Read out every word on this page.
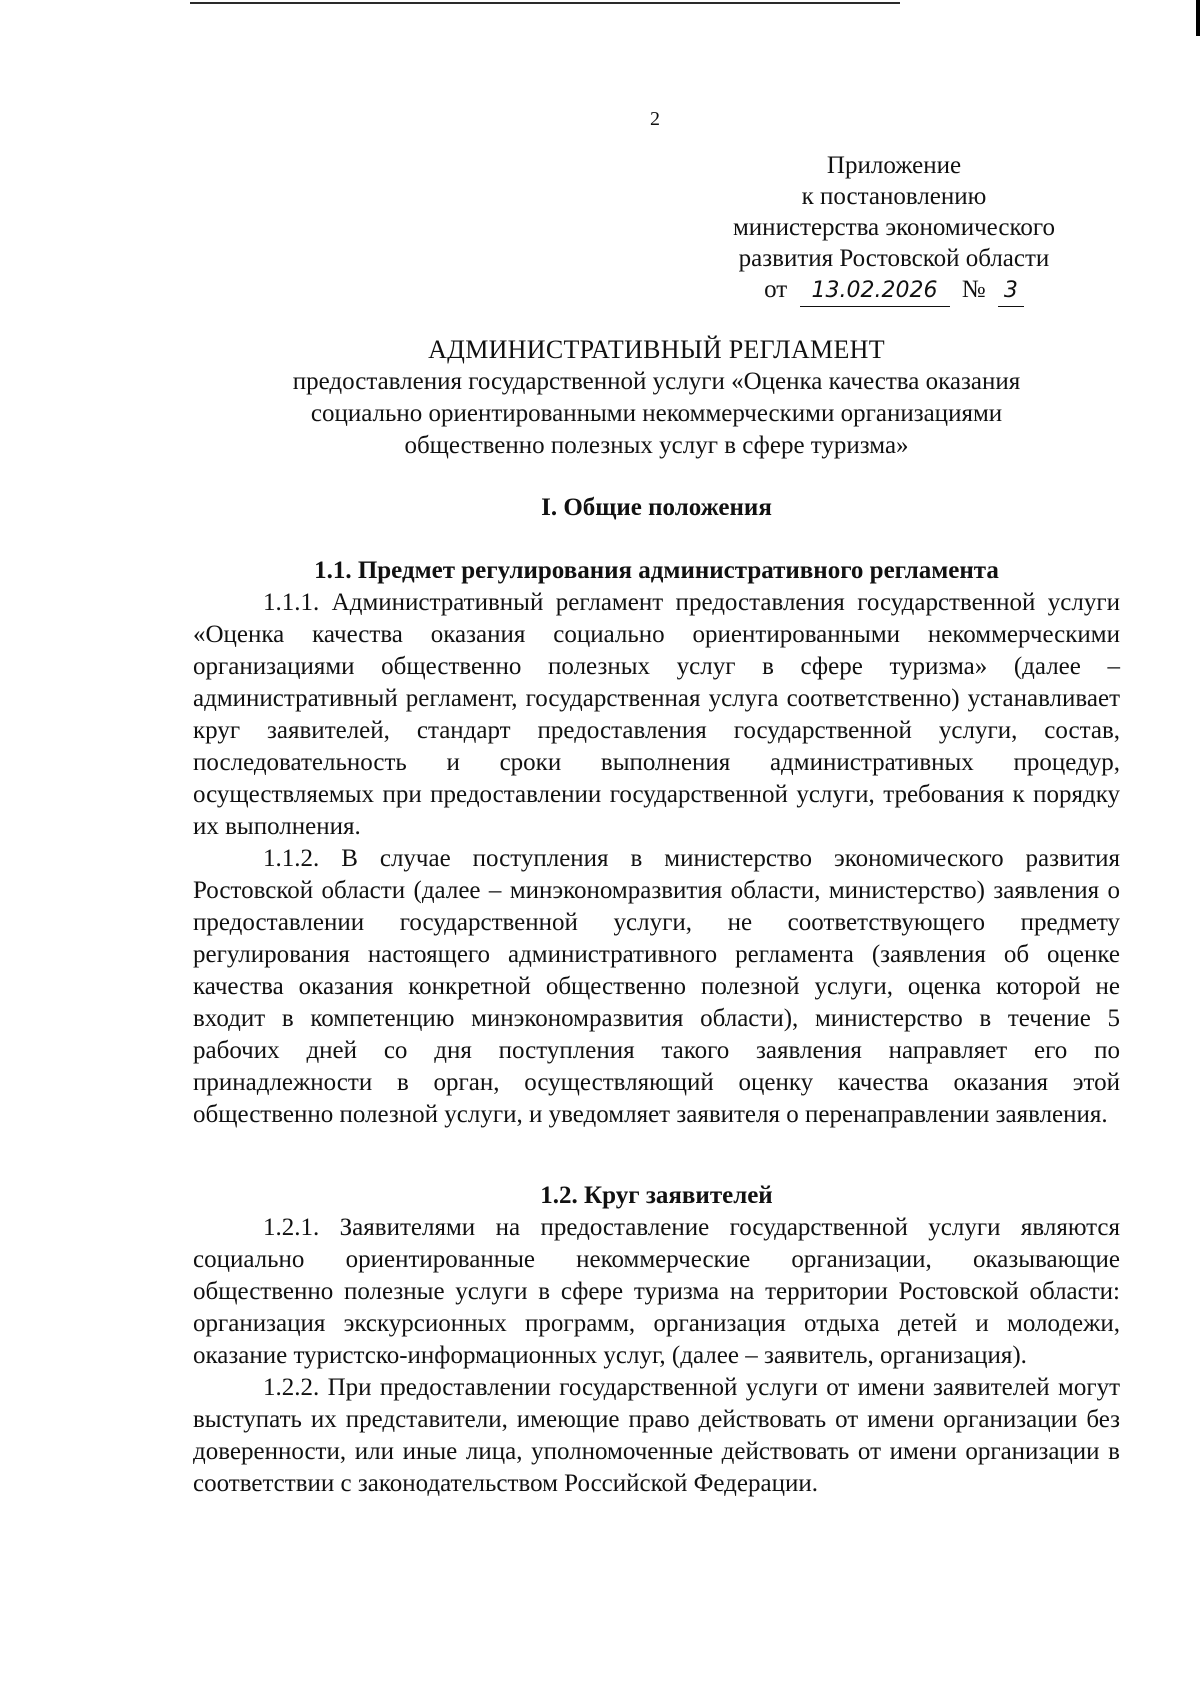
2
Приложение
к постановлению
министерства экономического
развития Ростовской области
от 13.02.2026 № 3
АДМИНИСТРАТИВНЫЙ РЕГЛАМЕНТ
предоставления государственной услуги «Оценка качества оказания
социально ориентированными некоммерческими организациями
общественно полезных услуг в сфере туризма»
I. Общие положения
1.1. Предмет регулирования административного регламента

1.1.1. Административный регламент предоставления государственной услуги «Оценка качества оказания социально ориентированными некоммерческими организациями общественно полезных услуг в сфере туризма» (далее – административный регламент, государственная услуга соответственно) устанавливает круг заявителей, стандарт предоставления государственной услуги, состав, последовательность и сроки выполнения административных процедур, осуществляемых при предоставлении государственной услуги, требования к порядку их выполнения.

1.1.2. В случае поступления в министерство экономического развития Ростовской области (далее – минэкономразвития области, министерство) заявления о предоставлении государственной услуги, не соответствующего предмету регулирования настоящего административного регламента (заявления об оценке качества оказания конкретной общественно полезной услуги, оценка которой не входит в компетенцию минэкономразвития области), министерство в течение 5 рабочих дней со дня поступления такого заявления направляет его по принадлежности в орган, осуществляющий оценку качества оказания этой общественно полезной услуги, и уведомляет заявителя о перенаправлении заявления.

1.2. Круг заявителей

1.2.1. Заявителями на предоставление государственной услуги являются социально ориентированные некоммерческие организации, оказывающие общественно полезные услуги в сфере туризма на территории Ростовской области: организация экскурсионных программ, организация отдыха детей и молодежи, оказание туристско-информационных услуг, (далее – заявитель, организация).

1.2.2. При предоставлении государственной услуги от имени заявителей могут выступать их представители, имеющие право действовать от имени организации без доверенности, или иные лица, уполномоченные действовать от имени организации в соответствии с законодательством Российской Федерации.
